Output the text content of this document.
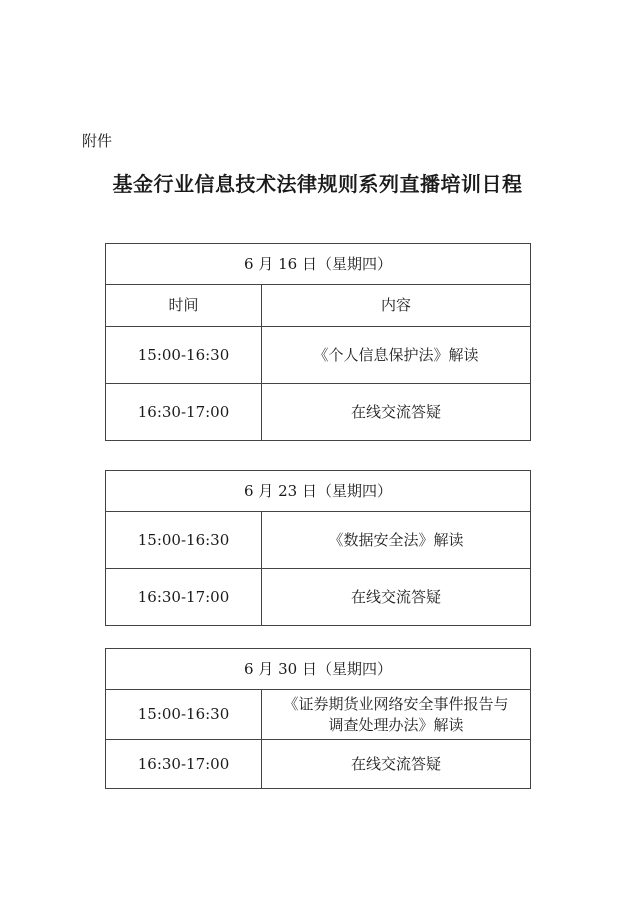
附件
基金行业信息技术法律规则系列直播培训日程
6 月 16 日（星期四）	
时间	内容
15:00-16:30	《个人信息保护法》解读
16:30-17:00	在线交流答疑
6 月 23 日（星期四）	
15:00-16:30	《数据安全法》解读
16:30-17:00	在线交流答疑
6 月 30 日（星期四）	
15:00-16:30	《证券期货业网络安全事件报告与
调查处理办法》解读

16:30-17:00	在线交流答疑
